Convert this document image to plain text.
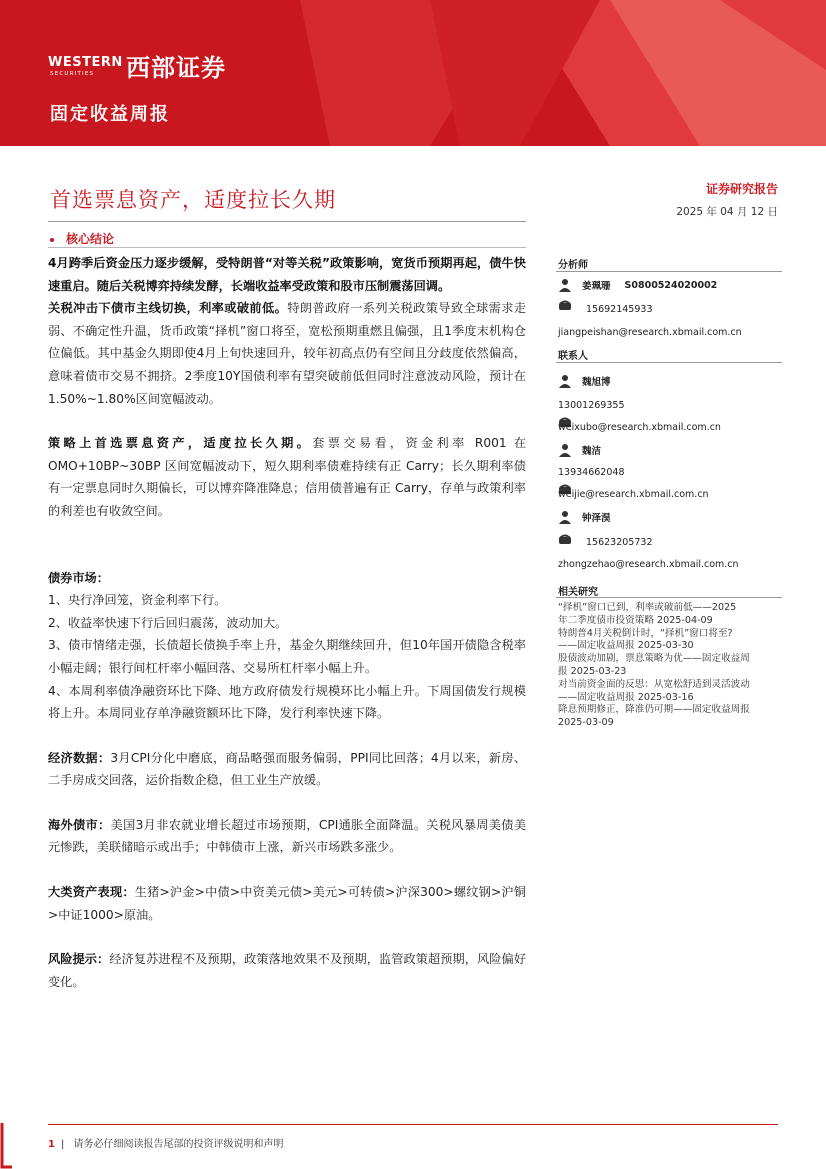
WESTERN
SECURITIES 西部证券
固定收益周报
首选票息资产，适度拉长久期	证券研究报告
2025 年 04 月 12 日
核心结论

4月跨季后资金压力逐步缓解，受特朗普“对等关税”政策影响，宽货币预期再起，债牛快速重启。随后关税博弈持续发酵，长端收益率受政策和股市压制震荡回调。

关税冲击下债市主线切换，利率或破前低。特朗普政府一系列关税政策导致全球需求走弱、不确定性升温，货币政策“择机”窗口将至，宽松预期重燃且偏强，且1季度末机构仓位偏低。其中基金久期即使4月上旬快速回升，较年初高点仍有空间且分歧度依然偏高，意味着债市交易不拥挤。2季度10Y国债利率有望突破前低但同时注意波动风险，预计在 1.50%~1.80%区间宽幅波动。

策略上首选票息资产，适度拉长久期。套票交易看，资金利率 R001 在 OMO+10BP~30BP 区间宽幅波动下，短久期利率债难持续有正 Carry；长久期利率债有一定票息同时久期偏长，可以博弈降准降息；信用债普遍有正 Carry，存单与政策利率的利差也有收敛空间。

债券市场：

1、央行净回笼，资金利率下行。

2、收益率快速下行后回归震荡，波动加大。

3、债市情绪走强，长债超长债换手率上升，基金久期继续回升，但10年国开债隐含税率小幅走阔；银行间杠杆率小幅回落、交易所杠杆率小幅上升。

4、本周利率债净融资环比下降、地方政府债发行规模环比小幅上升。下周国债发行规模将上升。本周同业存单净融资额环比下降，发行利率快速下降。

经济数据：3月CPI分化中磨底，商品略强而服务偏弱，PPI同比回落；4月以来，新房、二手房成交回落，运价指数企稳，但工业生产放缓。

海外债市：美国3月非农就业增长超过市场预期，CPI通胀全面降温。关税风暴周美债美元惨跌，美联储暗示或出手；中韩债市上涨，新兴市场跌多涨少。

大类资产表现：生猪>沪金>中债>中资美元债>美元>可转债>沪深300>螺纹钢>沪铜>中证1000>原油。

风险提示：经济复苏进程不及预期，政策落地效果不及预期，监管政策超预期，风险偏好变化。

分析师
姜珮珊 S0800524020002
15692145933
jiangpeishan@research.xbmail.com.cn
联系人
魏旭博
13001269355
weixubo@research.xbmail.com.cn
魏洁
13934662048
weijie@research.xbmail.com.cn
钟泽淏
15623205732
zhongzehao@research.xbmail.com.cn
相关研究
“择机”窗口已到，利率或破前低——2025
年二季度债市投资策略 2025-04-09
特朗普4月关税倒计时，“择机”窗口将至?
——固定收益周报 2025-03-30
股债波动加剧，票息策略为优——固定收益周
报 2025-03-23
对当前资金面的反思：从宽松舒适到灵活波动
——固定收益周报 2025-03-16
降息预期修正，降准仍可期——固定收益周报
2025-03-09
1 | 请务必仔细阅读报告尾部的投资评级说明和声明
